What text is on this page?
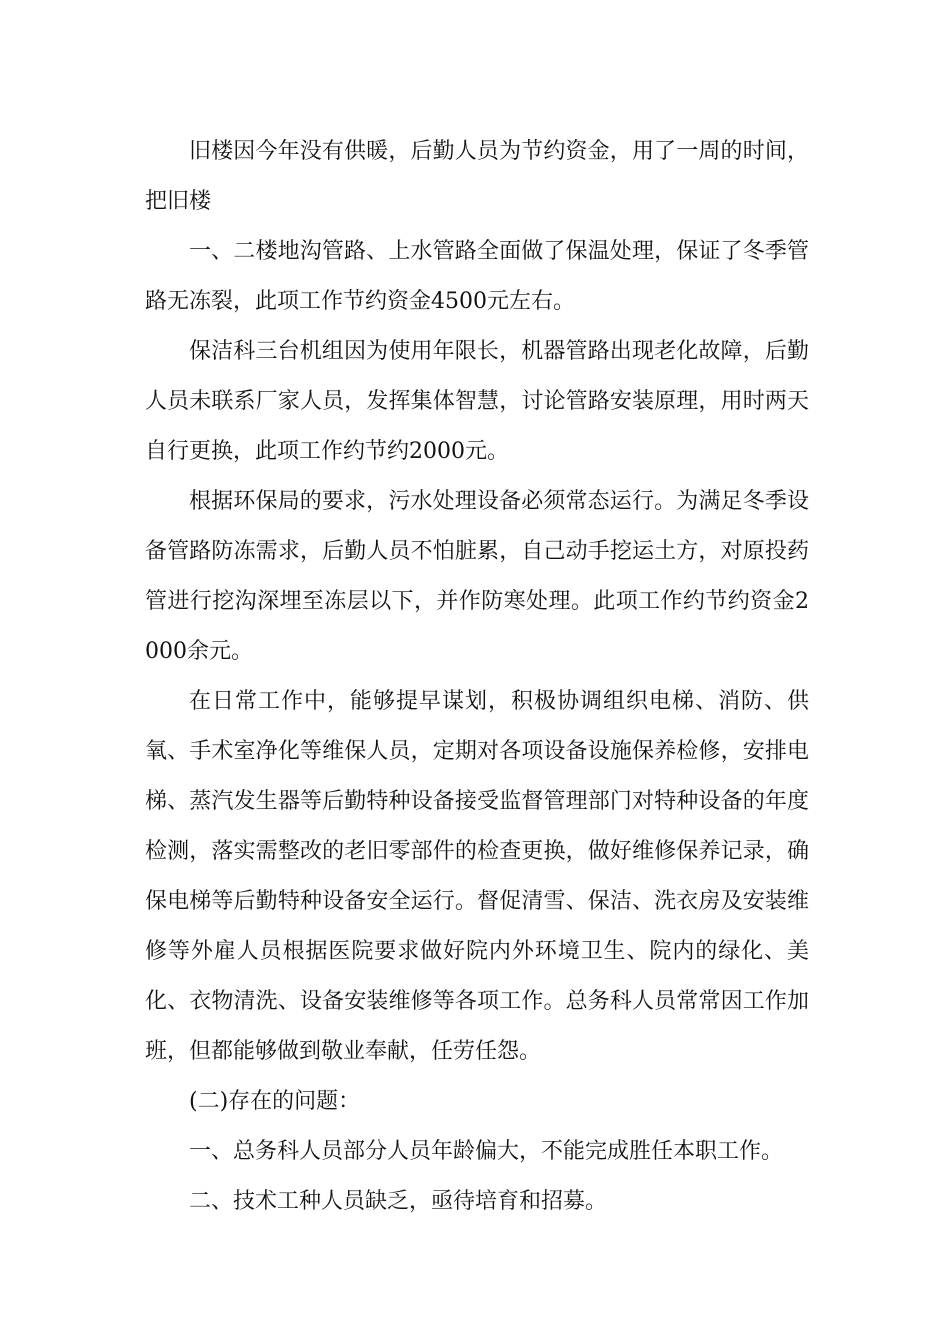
旧楼因今年没有供暖，后勤人员为节约资金，用了一周的时间，把旧楼

一、二楼地沟管路、上水管路全面做了保温处理，保证了冬季管路无冻裂，此项工作节约资金4500元左右。

保洁科三台机组因为使用年限长，机器管路出现老化故障，后勤人员未联系厂家人员，发挥集体智慧，讨论管路安装原理，用时两天自行更换，此项工作约节约2000元。

根据环保局的要求，污水处理设备必须常态运行。为满足冬季设备管路防冻需求，后勤人员不怕脏累，自己动手挖运土方，对原投药管进行挖沟深埋至冻层以下，并作防寒处理。此项工作约节约资金2000余元。

在日常工作中，能够提早谋划，积极协调组织电梯、消防、供氧、手术室净化等维保人员，定期对各项设备设施保养检修，安排电梯、蒸汽发生器等后勤特种设备接受监督管理部门对特种设备的年度检测，落实需整改的老旧零部件的检查更换，做好维修保养记录，确保电梯等后勤特种设备安全运行。督促清雪、保洁、洗衣房及安装维修等外雇人员根据医院要求做好院内外环境卫生、院内的绿化、美化、衣物清洗、设备安装维修等各项工作。总务科人员常常因工作加班，但都能够做到敬业奉献，任劳任怨。

(二)存在的问题：

一、总务科人员部分人员年龄偏大，不能完成胜任本职工作。

二、技术工种人员缺乏，亟待培育和招募。
